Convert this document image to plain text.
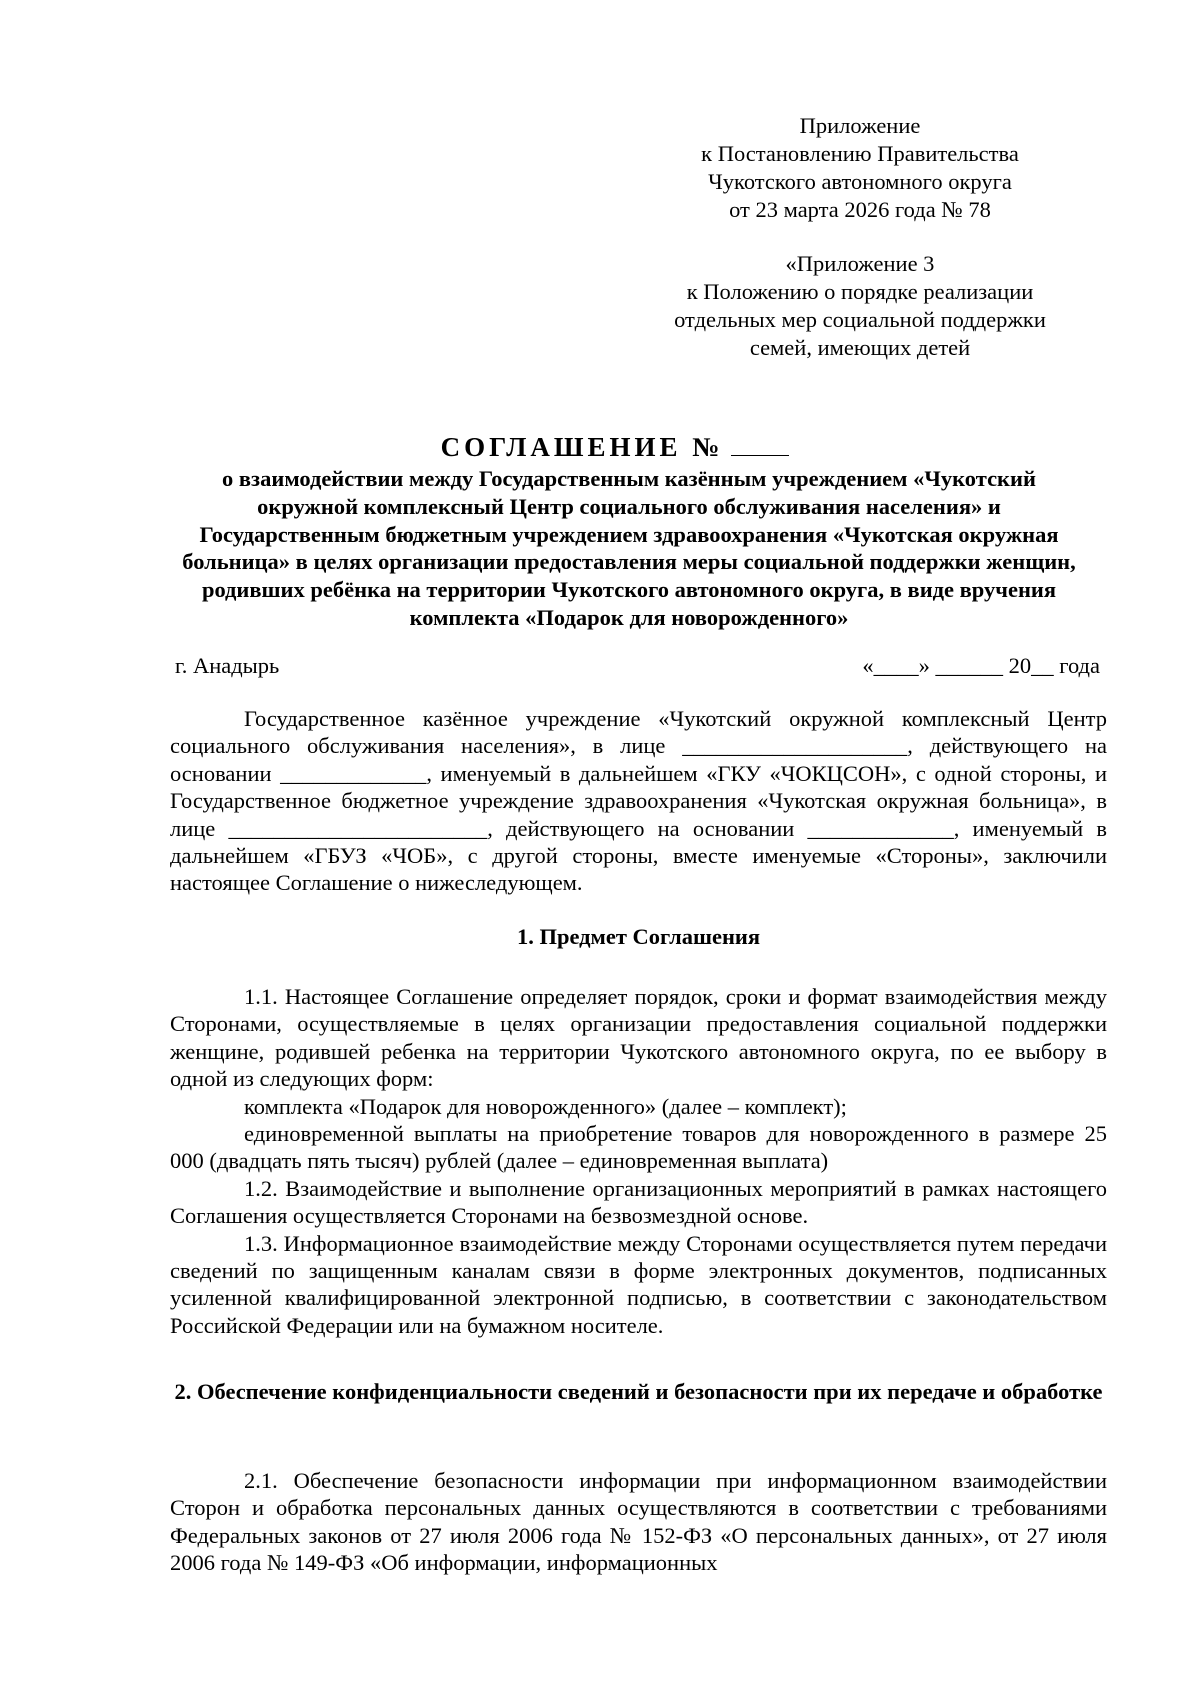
Приложение
к Постановлению Правительства
Чукотского автономного округа
от 23 марта 2026 года № 78
«Приложение 3
к Положению о порядке реализации
отдельных мер социальной поддержки
семей, имеющих детей
СОГЛАШЕНИЕ №
о взаимодействии между Государственным казённым учреждением «Чукотский окружной комплексный Центр социального обслуживания населения» и Государственным бюджетным учреждением здравоохранения «Чукотская окружная больница» в целях организации предоставления меры социальной поддержки женщин, родивших ребёнка на территории Чукотского автономного округа, в виде вручения комплекта «Подарок для новорожденного»
г. Анадырь	«____» ______ 20__ года

Государственное казённое учреждение «Чукотский окружной комплексный Центр социального обслуживания населения», в лице ____________________, действующего на основании _____________, именуемый в дальнейшем «ГКУ «ЧОКЦСОН», с одной стороны, и Государственное бюджетное учреждение здравоохранения «Чукотская окружная больница», в лице _______________________, действующего на основании _____________, именуемый в дальнейшем «ГБУЗ «ЧОБ», с другой стороны, вместе именуемые «Стороны», заключили настоящее Соглашение о нижеследующем.

1. Предмет Соглашения

1.1. Настоящее Соглашение определяет порядок, сроки и формат взаимодействия между Сторонами, осуществляемые в целях организации предоставления социальной поддержки женщине, родившей ребенка на территории Чукотского автономного округа, по ее выбору в одной из следующих форм:

комплекта «Подарок для новорожденного» (далее – комплект);

единовременной выплаты на приобретение товаров для новорожденного в размере 25 000 (двадцать пять тысяч) рублей (далее – единовременная выплата)

1.2. Взаимодействие и выполнение организационных мероприятий в рамках настоящего Соглашения осуществляется Сторонами на безвозмездной основе.

1.3. Информационное взаимодействие между Сторонами осуществляется путем передачи сведений по защищенным каналам связи в форме электронных документов, подписанных усиленной квалифицированной электронной подписью, в соответствии с законодательством Российской Федерации или на бумажном носителе.

2. Обеспечение конфиденциальности сведений и безопасности при их передаче и обработке

2.1. Обеспечение безопасности информации при информационном взаимодействии Сторон и обработка персональных данных осуществляются в соответствии с требованиями Федеральных законов от 27 июля 2006 года № 152-ФЗ «О персональных данных», от 27 июля 2006 года № 149-ФЗ «Об информации, информационных
